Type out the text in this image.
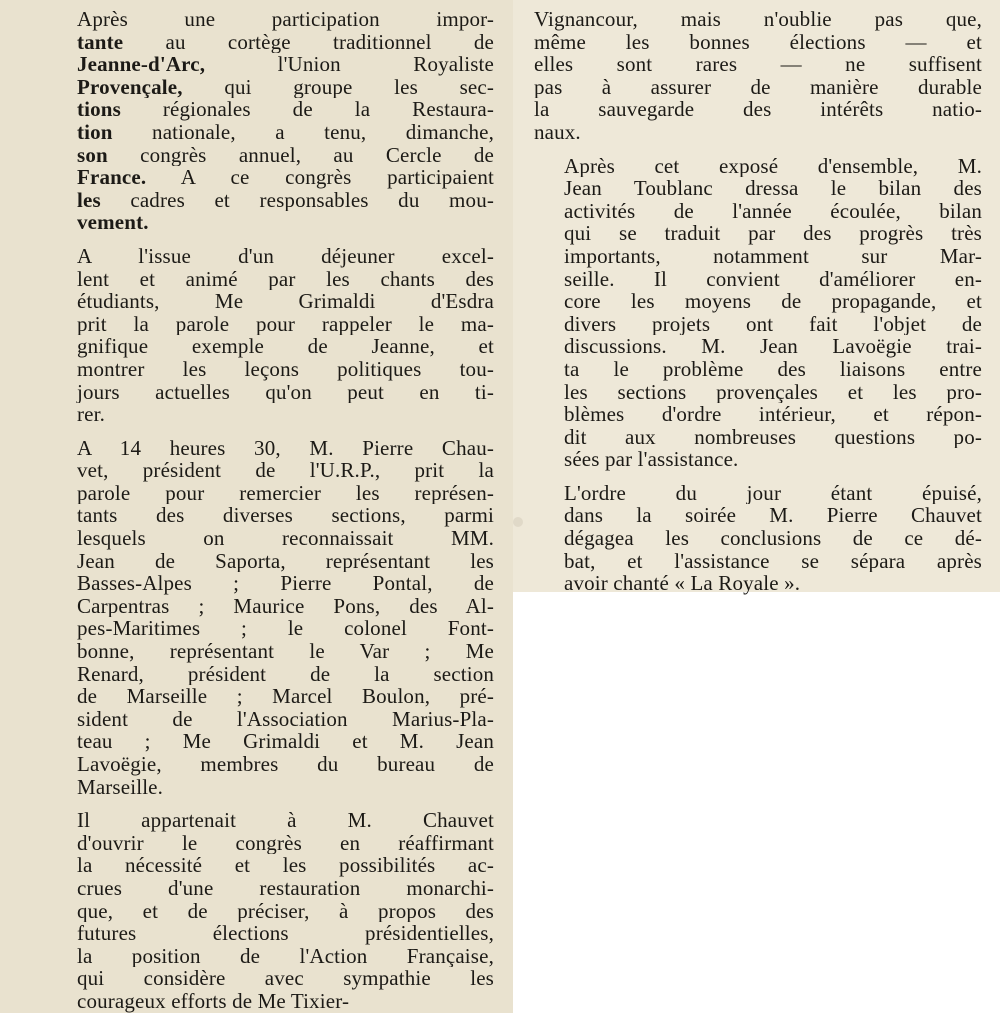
Après une participation impor-
tante au cortège traditionnel de
Jeanne-d'Arc, l'Union Royaliste
Provençale, qui groupe les sec-
tions régionales de la Restaura-
tion nationale, a tenu, dimanche,
son congrès annuel, au Cercle de
France. A ce congrès participaient
les cadres et responsables du mou-
vement.
A l'issue d'un déjeuner excel-
lent et animé par les chants des
étudiants, Me Grimaldi d'Esdra
prit la parole pour rappeler le ma-
gnifique exemple de Jeanne, et
montrer les leçons politiques tou-
jours actuelles qu'on peut en ti-
rer.
A 14 heures 30, M. Pierre Chau-
vet, président de l'U.R.P., prit la
parole pour remercier les représen-
tants des diverses sections, parmi
lesquels on reconnaissait MM.
Jean de Saporta, représentant les
Basses-Alpes ; Pierre Pontal, de
Carpentras ; Maurice Pons, des Al-
pes-Maritimes ; le colonel Font-
bonne, représentant le Var ; Me
Renard, président de la section
de Marseille ; Marcel Boulon, pré-
sident de l'Association Marius-Pla-
teau ; Me Grimaldi et M. Jean
Lavoëgie, membres du bureau de
Marseille.
Il appartenait à M. Chauvet
d'ouvrir le congrès en réaffirmant
la nécessité et les possibilités ac-
crues d'une restauration monarchi-
que, et de préciser, à propos des
futures élections présidentielles,
la position de l'Action Française,
qui considère avec sympathie les
courageux efforts de Me Tixier-
Vignancour, mais n'oublie pas que,
même les bonnes élections — et
elles sont rares — ne suffisent
pas à assurer de manière durable
la sauvegarde des intérêts natio-
naux.
Après cet exposé d'ensemble, M.
Jean Toublanc dressa le bilan des
activités de l'année écoulée, bilan
qui se traduit par des progrès très
importants, notamment sur Mar-
seille. Il convient d'améliorer en-
core les moyens de propagande, et
divers projets ont fait l'objet de
discussions. M. Jean Lavoëgie trai-
ta le problème des liaisons entre
les sections provençales et les pro-
blèmes d'ordre intérieur, et répon-
dit aux nombreuses questions po-
sées par l'assistance.
L'ordre du jour étant épuisé,
dans la soirée M. Pierre Chauvet
dégagea les conclusions de ce dé-
bat, et l'assistance se sépara après
avoir chanté « La Royale ».
